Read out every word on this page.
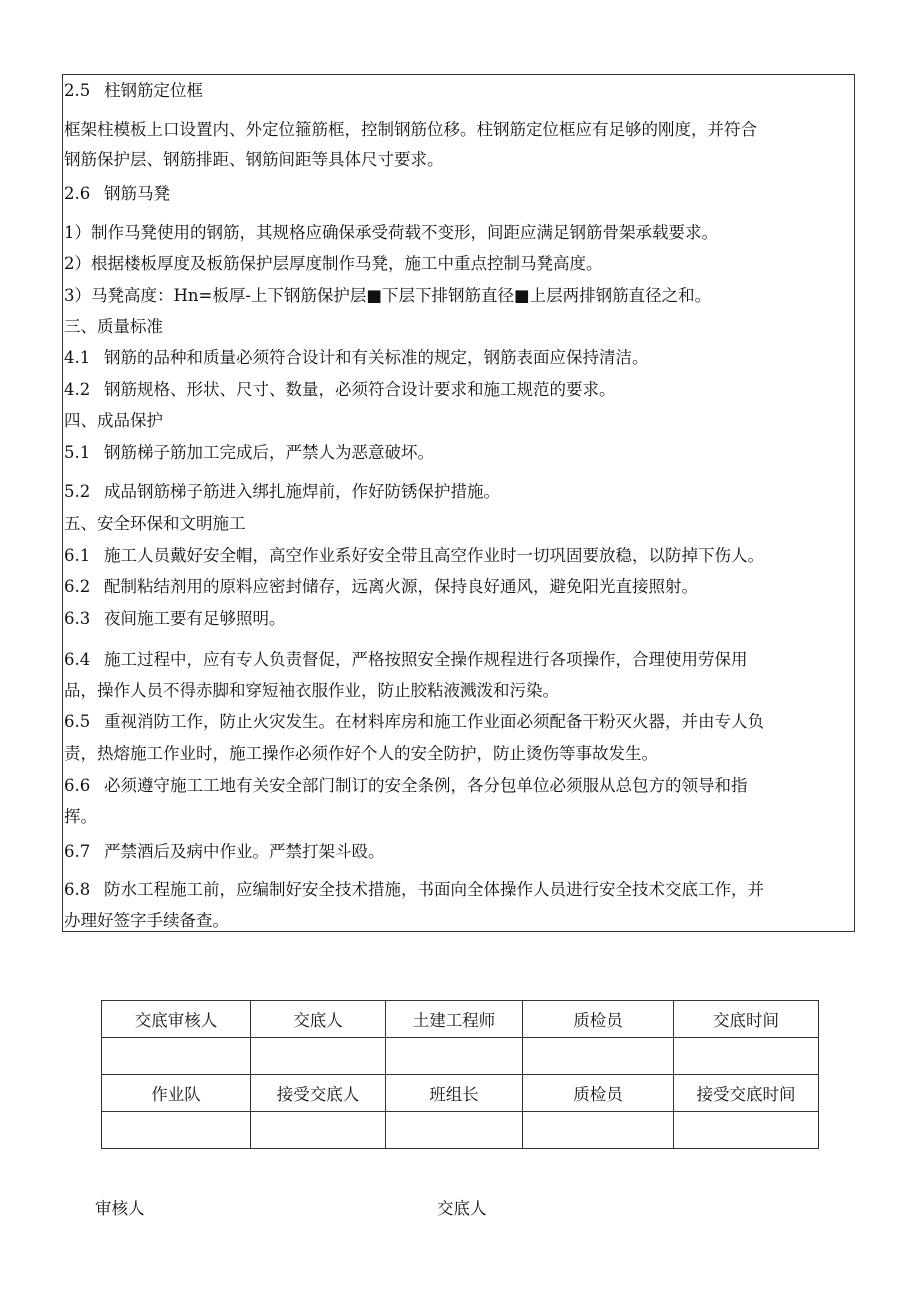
2.5 柱钢筋定位框
框架柱模板上口设置内、外定位箍筋框，控制钢筋位移。柱钢筋定位框应有足够的刚度，并符合
钢筋保护层、钢筋排距、钢筋间距等具体尺寸要求。
2.6 钢筋马凳
1）制作马凳使用的钢筋，其规格应确保承受荷载不变形，间距应满足钢筋骨架承载要求。
2）根据楼板厚度及板筋保护层厚度制作马凳，施工中重点控制马凳高度。
3）马凳高度：Hn=板厚-上下钢筋保护层■下层下排钢筋直径■上层两排钢筋直径之和。
三、质量标准
4.1 钢筋的品种和质量必须符合设计和有关标准的规定，钢筋表面应保持清洁。
4.2 钢筋规格、形状、尺寸、数量，必须符合设计要求和施工规范的要求。
四、成品保护
5.1 钢筋梯子筋加工完成后，严禁人为恶意破坏。
5.2 成品钢筋梯子筋进入绑扎施焊前，作好防锈保护措施。
五、安全环保和文明施工
6.1 施工人员戴好安全帽，高空作业系好安全带且高空作业时一切巩固要放稳，以防掉下伤人。
6.2 配制粘结剂用的原料应密封储存，远离火源，保持良好通风，避免阳光直接照射。
6.3 夜间施工要有足够照明。
6.4 施工过程中，应有专人负责督促，严格按照安全操作规程进行各项操作，合理使用劳保用
品，操作人员不得赤脚和穿短袖衣服作业，防止胶粘液溅泼和污染。
6.5 重视消防工作，防止火灾发生。在材料库房和施工作业面必须配备干粉灭火器，并由专人负
责，热熔施工作业时，施工操作必须作好个人的安全防护，防止烫伤等事故发生。
6.6 必须遵守施工工地有关安全部门制订的安全条例，各分包单位必须服从总包方的领导和指
挥。
6.7 严禁酒后及病中作业。严禁打架斗殴。
6.8 防水工程施工前，应编制好安全技术措施，书面向全体操作人员进行安全技术交底工作，并
办理好签字手续备查。
交底审核人	交底人	土建工程师	质检员	交底时间

作业队	接受交底人	班组长	质检员	接受交底时间

审核人	交底人
